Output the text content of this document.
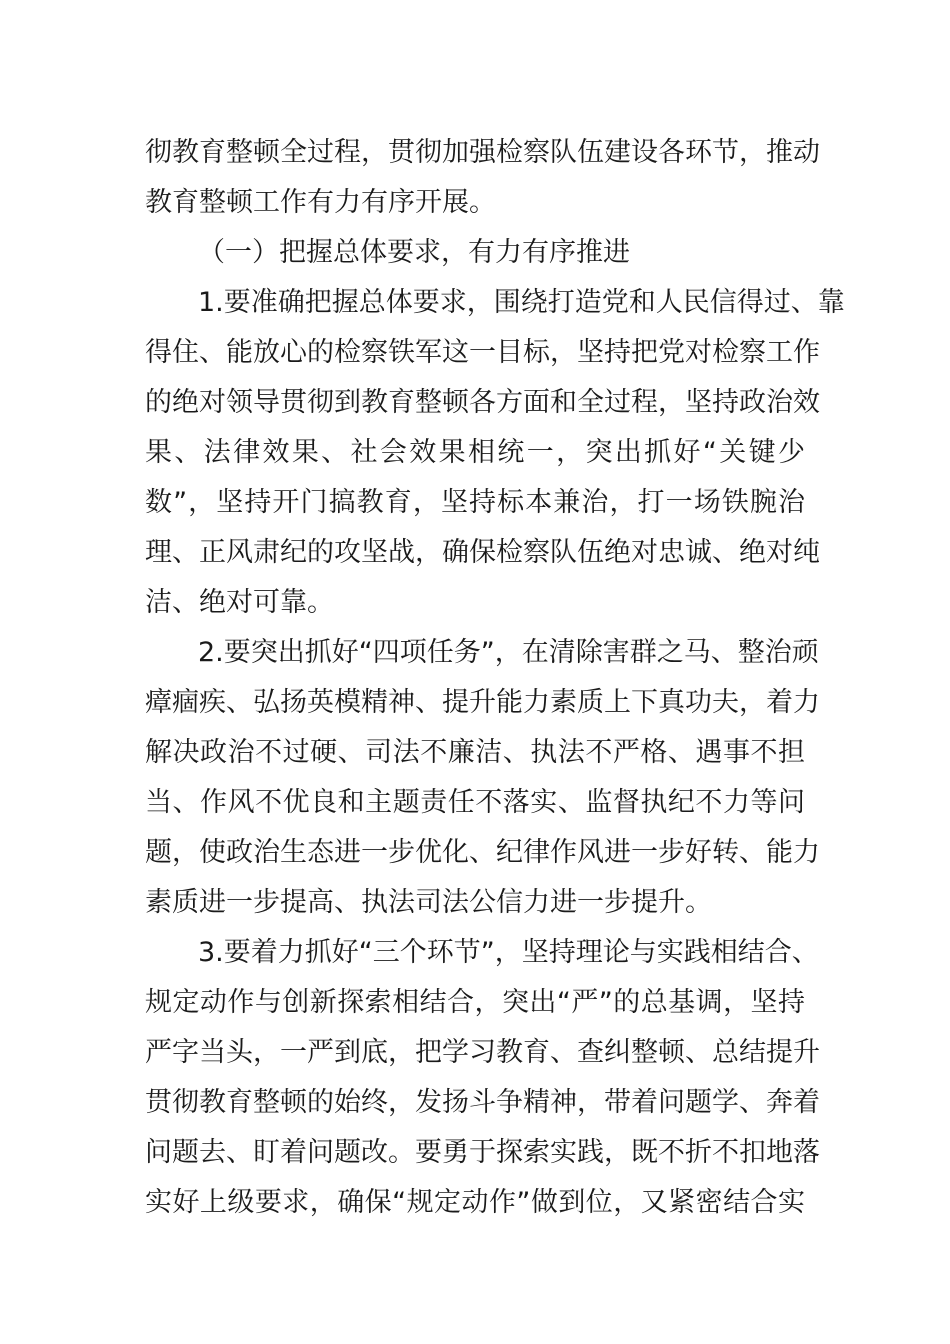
彻教育整顿全过程，贯彻加强检察队伍建设各环节，推动
教育整顿工作有力有序开展。
（一）把握总体要求，有力有序推进
1.要准确把握总体要求，围绕打造党和人民信得过、靠
得住、能放心的检察铁军这一目标，坚持把党对检察工作
的绝对领导贯彻到教育整顿各方面和全过程，坚持政治效
果、法律效果、社会效果相统一，突出抓好“关键少
数”，坚持开门搞教育，坚持标本兼治，打一场铁腕治
理、正风肃纪的攻坚战，确保检察队伍绝对忠诚、绝对纯
洁、绝对可靠。
2.要突出抓好“四项任务”，在清除害群之马、整治顽
瘴痼疾、弘扬英模精神、提升能力素质上下真功夫，着力
解决政治不过硬、司法不廉洁、执法不严格、遇事不担
当、作风不优良和主题责任不落实、监督执纪不力等问
题，使政治生态进一步优化、纪律作风进一步好转、能力
素质进一步提高、执法司法公信力进一步提升。
3.要着力抓好“三个环节”，坚持理论与实践相结合、
规定动作与创新探索相结合，突出“严”的总基调，坚持
严字当头，一严到底，把学习教育、查纠整顿、总结提升
贯彻教育整顿的始终，发扬斗争精神，带着问题学、奔着
问题去、盯着问题改。要勇于探索实践，既不折不扣地落
实好上级要求，确保“规定动作”做到位，又紧密结合实
